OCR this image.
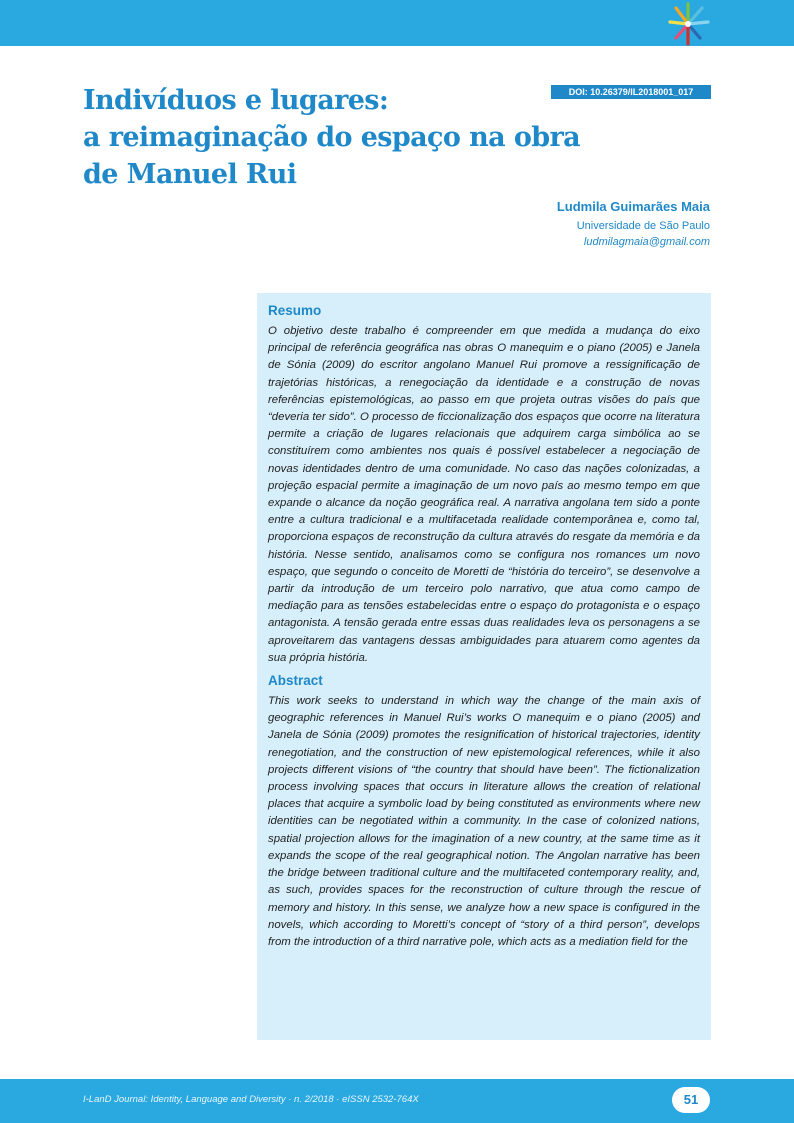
DOI: 10.26379/IL2018001_017
Indivíduos e lugares:
a reimaginação do espaço na obra
de Manuel Rui
Ludmila Guimarães Maia
Universidade de São Paulo
ludmilagmaia@gmail.com
Resumo

O objetivo deste trabalho é compreender em que medida a mudança do eixo principal de referência geográfica nas obras O manequim e o piano (2005) e Janela de Sónia (2009) do escritor angolano Manuel Rui promove a ressignificação de trajetórias históricas, a renegociação da identidade e a construção de novas referências epistemológicas, ao passo em que projeta outras visões do país que “deveria ter sido”. O processo de ficcionalização dos espaços que ocorre na literatura permite a criação de lugares relacionais que adquirem carga simbólica ao se constituírem como ambientes nos quais é possível estabelecer a negociação de novas identidades dentro de uma comunidade. No caso das nações colonizadas, a projeção espacial permite a imaginação de um novo país ao mesmo tempo em que expande o alcance da noção geográfica real. A narrativa angolana tem sido a ponte entre a cultura tradicional e a multifacetada realidade contemporânea e, como tal, proporciona espaços de reconstrução da cultura através do resgate da memória e da história. Nesse sentido, analisamos como se configura nos romances um novo espaço, que segundo o conceito de Moretti de “história do terceiro”, se desenvolve a partir da introdução de um terceiro polo narrativo, que atua como campo de mediação para as tensões estabelecidas entre o espaço do protagonista e o espaço antagonista. A tensão gerada entre essas duas realidades leva os personagens a se aproveitarem das vantagens dessas ambiguidades para atuarem como agentes da sua própria história.

Abstract

This work seeks to understand in which way the change of the main axis of geographic references in Manuel Rui’s works O manequim e o piano (2005) and Janela de Sónia (2009) promotes the resignification of historical trajectories, identity renegotiation, and the construction of new epistemological references, while it also projects different visions of “the country that should have been”. The fictionalization process involving spaces that occurs in literature allows the creation of relational places that acquire a symbolic load by being constituted as environments where new identities can be negotiated within a community. In the case of colonized nations, spatial projection allows for the imagination of a new country, at the same time as it expands the scope of the real geographical notion. The Angolan narrative has been the bridge between traditional culture and the multifaceted contemporary reality, and, as such, provides spaces for the reconstruction of culture through the rescue of memory and history. In this sense, we analyze how a new space is configured in the novels, which according to Moretti’s concept of “story of a third person”, develops from the introduction of a third narrative pole, which acts as a mediation field for the

I-LanD Journal: Identity, Language and Diversity · n. 2/2018 · eISSN 2532-764X	51
